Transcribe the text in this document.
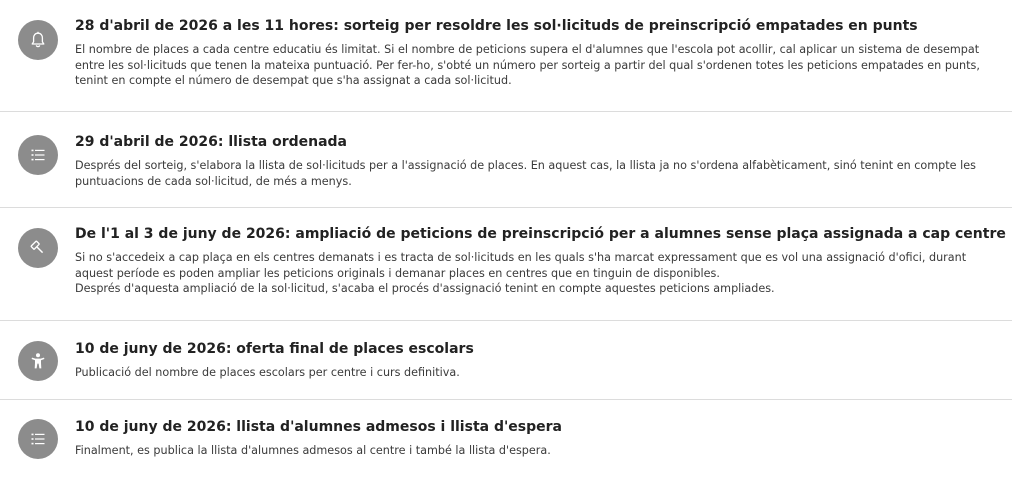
28 d'abril de 2026 a les 11 hores: sorteig per resoldre les sol·licituds de preinscripció empatades en punts

El nombre de places a cada centre educatiu és limitat. Si el nombre de peticions supera el d'alumnes que l'escola pot acollir, cal aplicar un sistema de desempat entre les sol·licituds que tenen la mateixa puntuació. Per fer-ho, s'obté un número per sorteig a partir del qual s'ordenen totes les peticions empatades en punts, tenint en compte el número de desempat que s'ha assignat a cada sol·licitud.

29 d'abril de 2026: llista ordenada

Després del sorteig, s'elabora la llista de sol·licituds per a l'assignació de places. En aquest cas, la llista ja no s'ordena alfabèticament, sinó tenint en compte les puntuacions de cada sol·licitud, de més a menys.

De l'1 al 3 de juny de 2026: ampliació de peticions de preinscripció per a alumnes sense plaça assignada a cap centre

Si no s'accedeix a cap plaça en els centres demanats i es tracta de sol·licituds en les quals s'ha marcat expressament que es vol una assignació d'ofici, durant aquest període es poden ampliar les peticions originals i demanar places en centres que en tinguin de disponibles.

Després d'aquesta ampliació de la sol·licitud, s'acaba el procés d'assignació tenint en compte aquestes peticions ampliades.

10 de juny de 2026: oferta final de places escolars

Publicació del nombre de places escolars per centre i curs definitiva.

10 de juny de 2026: llista d'alumnes admesos i llista d'espera

Finalment, es publica la llista d'alumnes admesos al centre i també la llista d'espera.
